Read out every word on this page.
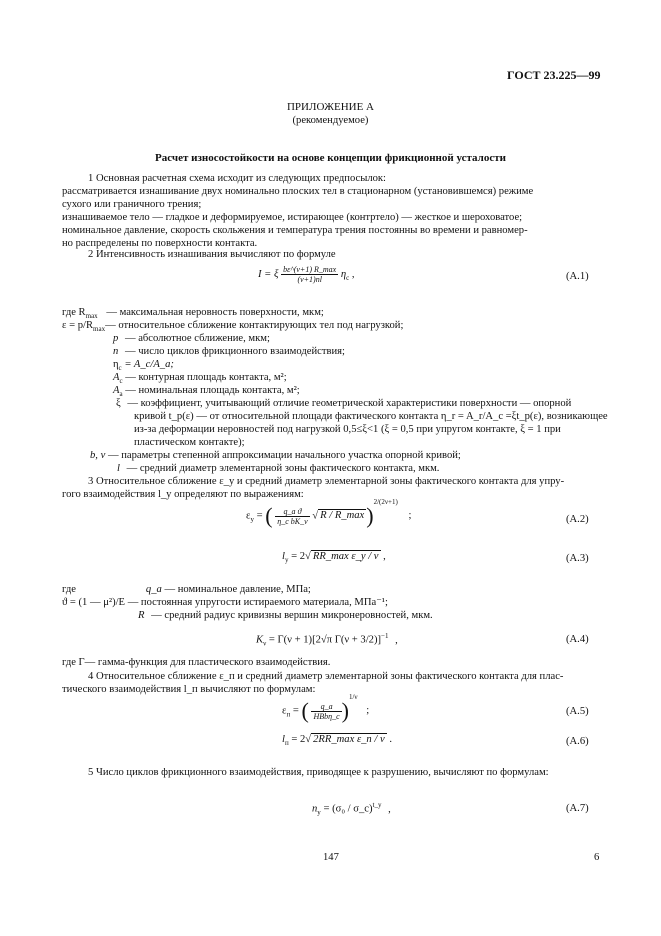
ГОСТ 23.225—99
ПРИЛОЖЕНИЕ А
(рекомендуемое)
Расчет износостойкости на основе концепции фрикционной усталости
1 Основная расчетная схема исходит из следующих предпосылок:
рассматривается изнашивание двух номинально плоских тел в стационарном (установившемся) режиме
сухого или граничного трения;
изнашиваемое тело — гладкое и деформируемое, истирающее (контртело) — жесткое и шероховатое;
номинальное давление, скорость скольжения и температура трения постоянны во времени и равномер-
но распределены по поверхности контакта.
2 Интенсивность изнашивания вычисляют по формуле
I = ξ $\frac{b\varepsilon\^{}(\nu+1) R\_\max}{(\nu+1)nl} \eta_c$ ,	(А.1)
где $R_{max}$ — максимальная неровность поверхности, мкм;
$\varepsilon = p/R_{max}—$ относительное сближение контактирующих тел под нагрузкой;
p — абсолютное сближение, мкм;
n — число циклов фрикционного взаимодействия;
$\eta_c$ = A_c/A_a;
$A_c$ — контурная площадь контакта, м²;
$A_a$ — номинальная площадь контакта, м²;
ξ — коэффициент, учитывающий отличие геометрической характеристики поверхности — опорной
кривой t_p(ε) — от относительной площади фактического контакта η_r = A_r/A_c =ξt_p(ε), возникающее
из-за деформации неровностей под нагрузкой 0,5≤ξ<1 (ξ = 0,5 при упругом контакте, ξ = 1 при
пластическом контакте);
b, ν — параметры степенной аппроксимации начального участка опорной кривой;
l — средний диаметр элементарной зоны фактического контакта, мкм.
3 Относительное сближение ε_y и средний диаметр элементарной зоны фактического контакта для упру-
гого взаимодействия l_y определяют по выражениям:
$\varepsilon_y$ = ( $\frac{\text{q\_a ϑ}}{\text{η\_c bK\_ν}}$ √ R / R_max)$^{2/(2\nu+1)}$ ;	(А.2)
$l_y = 2√$ RR_max ε_y / ν ,	(А.3)
где	q_a — номинальное давление, МПа;
ϑ = (1 — μ²)/E — постоянная упругости истираемого материала, МПа⁻¹;
R — средний радиус кривизны вершин микронеровностей, мкм.
$K_\nu = \Gamma(\nu + 1)[2√\pi$ Γ(ν + 3/2)]$^{-1}$ ,	(А.4)
где Γ— гамма-функция для пластического взаимодействия.
4 Относительное сближение ε_п и средний диаметр элементарной зоны фактического контакта для плас-
тического взаимодействия l_п вычисляют по формулам:
$\varepsilon_п$ = ( $\frac{q\_a}{\text{HBbη\_c}} )^{1/\nu}$ ;	(А.5)
$l_п = 2√$ 2RR_max ε_п / ν .	(А.6)
5 Число циклов фрикционного взаимодействия, приводящее к разрушению, вычисляют по формулам:
$n_y = (\sigma_0$ / σ_c)$^{t\_y}$ ,	(А.7)
147	6
